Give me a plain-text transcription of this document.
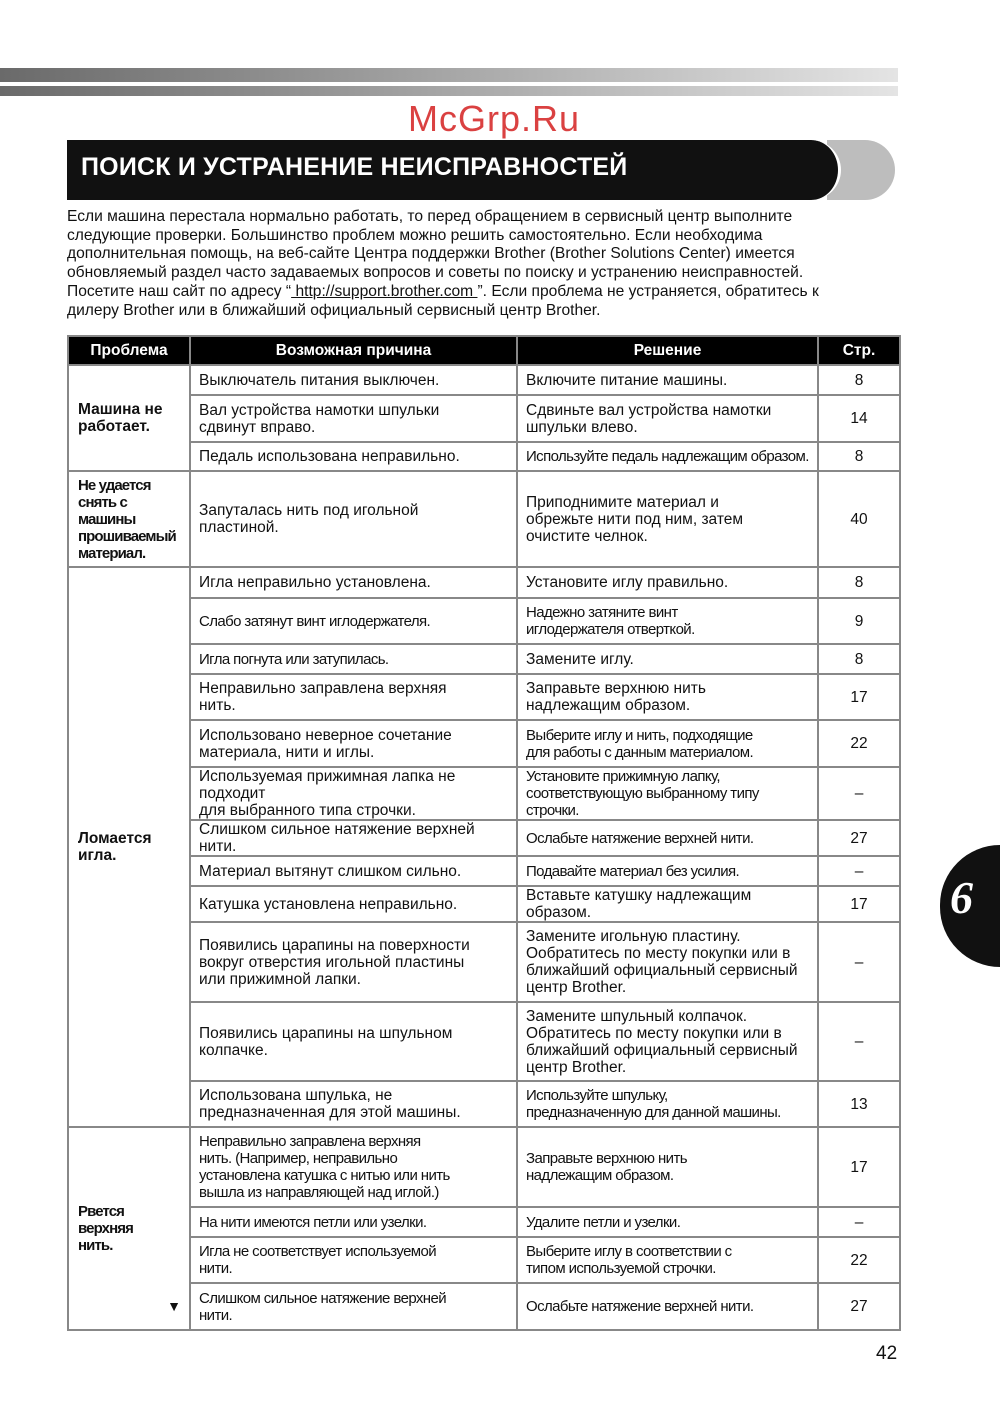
ПОИСК И УСТРАНЕНИЕ НЕИСПРАВНОСТЕЙ

Если машина перестала нормально работать, то перед обращением в сервисный центр выполните
следующие проверки. Большинство проблем можно решить самостоятельно. Если необходима
дополнительная помощь, на веб-сайте Центра поддержки Brother (Brother Solutions Center) имеется
обновляемый раздел часто задаваемых вопросов и советы по поиску и устранению неисправностей.
Посетите наш сайт по адресу “ http://support.brother.com ”. Если проблема не устраняется, обратитесь к
дилеру Brother или в ближайший официальный сервисный центр Brother.

Проблема	Возможная причина	Решение	Стр.
Машина не
работает.	Выключатель питания выключен.	Включите питание машины.	8
	Вал устройства намотки шпульки
сдвинут вправо.	Сдвиньте вал устройства намотки
шпульки влево.	14
	Педаль использована неправильно.	Используйте педаль надлежащим образом.	8
Не удается
снять с
машины
прошиваемый
материал.	Запуталась нить под игольной
пластиной.	Приподнимите материал и
обрежьте нити под ним, затем
очистите челнок.	40
Ломается
игла.	Игла неправильно установлена.	Установите иглу правильно.	8
	Слабо затянут винт иглодержателя.	Надежно затяните винт
иглодержателя отверткой.	9
	Игла погнута или затупилась.	Замените иглу.	8
	Неправильно заправлена верхняя
нить.	Заправьте верхнюю нить
надлежащим образом.	17
	Использовано неверное сочетание
материала, нити и иглы.	Выберите иглу и нить, подходящие
для работы с данным материалом.	22
	Используемая прижимная лапка не подходит
для выбранного типа строчки.	Установите прижимную лапку,
соответствующую выбранному типу строчки.	–
	Слишком сильное натяжение верхней нити.	Ослабьте натяжение верхней нити.	27
	Материал вытянут слишком сильно.	Подавайте материал без усилия.	–
	Катушка установлена неправильно.	Вставьте катушку надлежащим образом.	17
	Появились царапины на поверхности
вокруг отверстия игольной пластины
или прижимной лапки.	Замените игольную пластину.
Ообратитесь по месту покупки или в
ближайший официальный сервисный
центр Brother.	–
	Появились царапины на шпульном
колпачке.	Замените шпульный колпачок.
Обратитесь по месту покупки или в
ближайший официальный сервисный
центр Brother.	–
	Использована шпулька, не
предназначенная для этой машины.	Используйте шпульку,
предназначенную для данной машины.	13
Рвется
верхняя
нить.
▼	Неправильно заправлена верхняя
нить. (Например, неправильно
установлена катушка с нитью или нить
вышла из направляющей над иглой.)	Заправьте верхнюю нить
надлежащим образом.	17
	На нити имеются петли или узелки.	Удалите петли и узелки.	–
	Игла не соответствует используемой
нити.	Выберите иглу в соответствии с
типом используемой строчки.	22
	Слишком сильное натяжение верхней
нити.	Ослабьте натяжение верхней нити.	27
McGrp.Ru
6
42
